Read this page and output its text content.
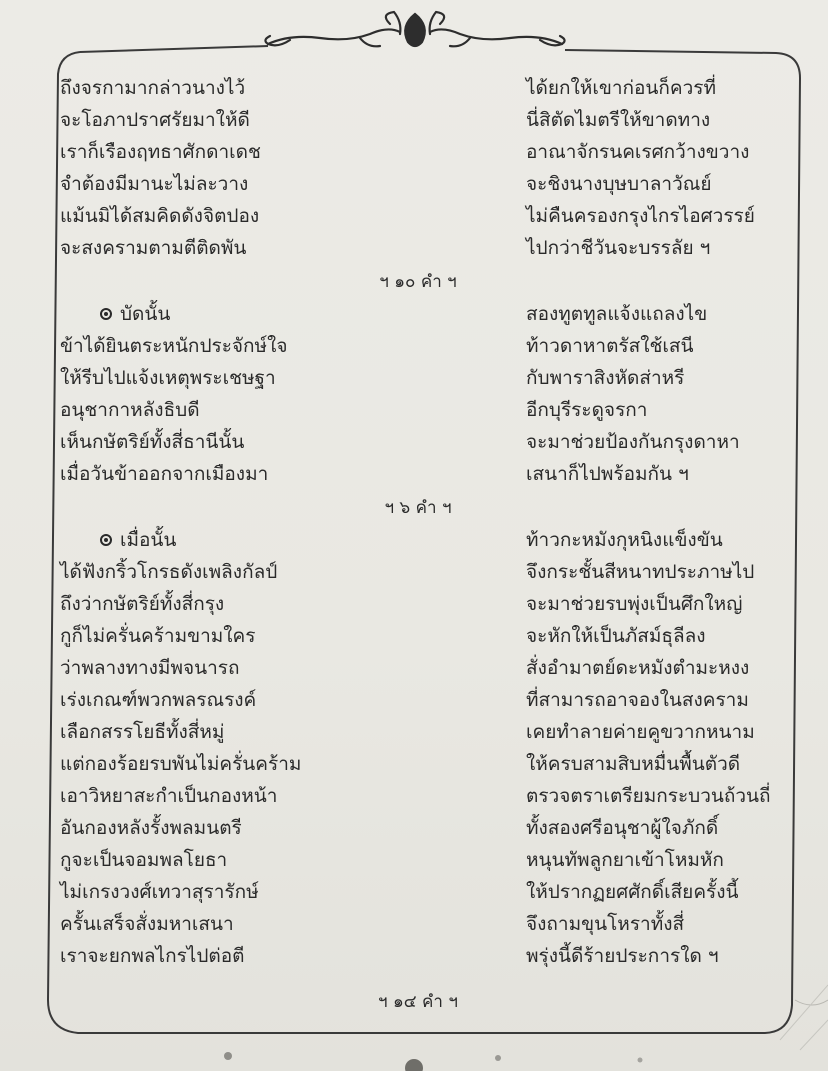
ถึงจรกามากล่าวนางไว้	ได้ยกให้เขาก่อนก็ควรที่
จะโอภาปราศรัยมาให้ดี	นี่สิตัดไมตรีให้ขาดทาง
เราก็เรืองฤทธาศักดาเดช	อาณาจักรนคเรศกว้างขวาง
จำต้องมีมานะไม่ละวาง	จะชิงนางบุษบาลาวัณย์
แม้นมิได้สมคิดดังจิตปอง	ไม่คืนครองกรุงไกรไอศวรรย์
จะสงครามตามตีติดพัน	ไปกว่าชีวันจะบรรลัย ฯ
ฯ ๑๐ คำ ฯ
บัดนั้น	สองทูตทูลแจ้งแถลงไข
ข้าได้ยินตระหนักประจักษ์ใจ	ท้าวดาหาตรัสใช้เสนี
ให้รีบไปแจ้งเหตุพระเชษฐา	กับพาราสิงหัดส่าหรี
อนุชากาหลังธิบดี	อีกบุรีระดูจรกา
เห็นกษัตริย์ทั้งสี่ธานีนั้น	จะมาช่วยป้องกันกรุงดาหา
เมื่อวันข้าออกจากเมืองมา	เสนาก็ไปพร้อมกัน ฯ
ฯ ๖ คำ ฯ
เมื่อนั้น	ท้าวกะหมังกุหนิงแข็งขัน
ได้ฟังกริ้วโกรธดังเพลิงกัลป์	จึงกระชั้นสีหนาทประภาษไป
ถึงว่ากษัตริย์ทั้งสี่กรุง	จะมาช่วยรบพุ่งเป็นศึกใหญ่
กูก็ไม่ครั่นคร้ามขามใคร	จะหักให้เป็นภัสม์ธุลีลง
ว่าพลางทางมีพจนารถ	สั่งอำมาตย์ดะหมังตำมะหงง
เร่งเกณฑ์พวกพลรณรงค์	ที่สามารถอาจองในสงคราม
เลือกสรรโยธีทั้งสี่หมู่	เคยทำลายค่ายคูขวากหนาม
แต่กองร้อยรบพันไม่ครั่นคร้าม	ให้ครบสามสิบหมื่นพื้นตัวดี
เอาวิหยาสะกำเป็นกองหน้า	ตรวจตราเตรียมกระบวนถ้วนถี่
อันกองหลังรั้งพลมนตรี	ทั้งสองศรีอนุชาผู้ใจภักดิ์
กูจะเป็นจอมพลโยธา	หนุนทัพลูกยาเข้าโหมหัก
ไม่เกรงวงศ์เทวาสุรารักษ์	ให้ปรากฏยศศักดิ์เสียครั้งนี้
ครั้นเสร็จสั่งมหาเสนา	จึงถามขุนโหราทั้งสี่
เราจะยกพลไกรไปต่อตี	พรุ่งนี้ดีร้ายประการใด ฯ
ฯ ๑๔ คำ ฯ
